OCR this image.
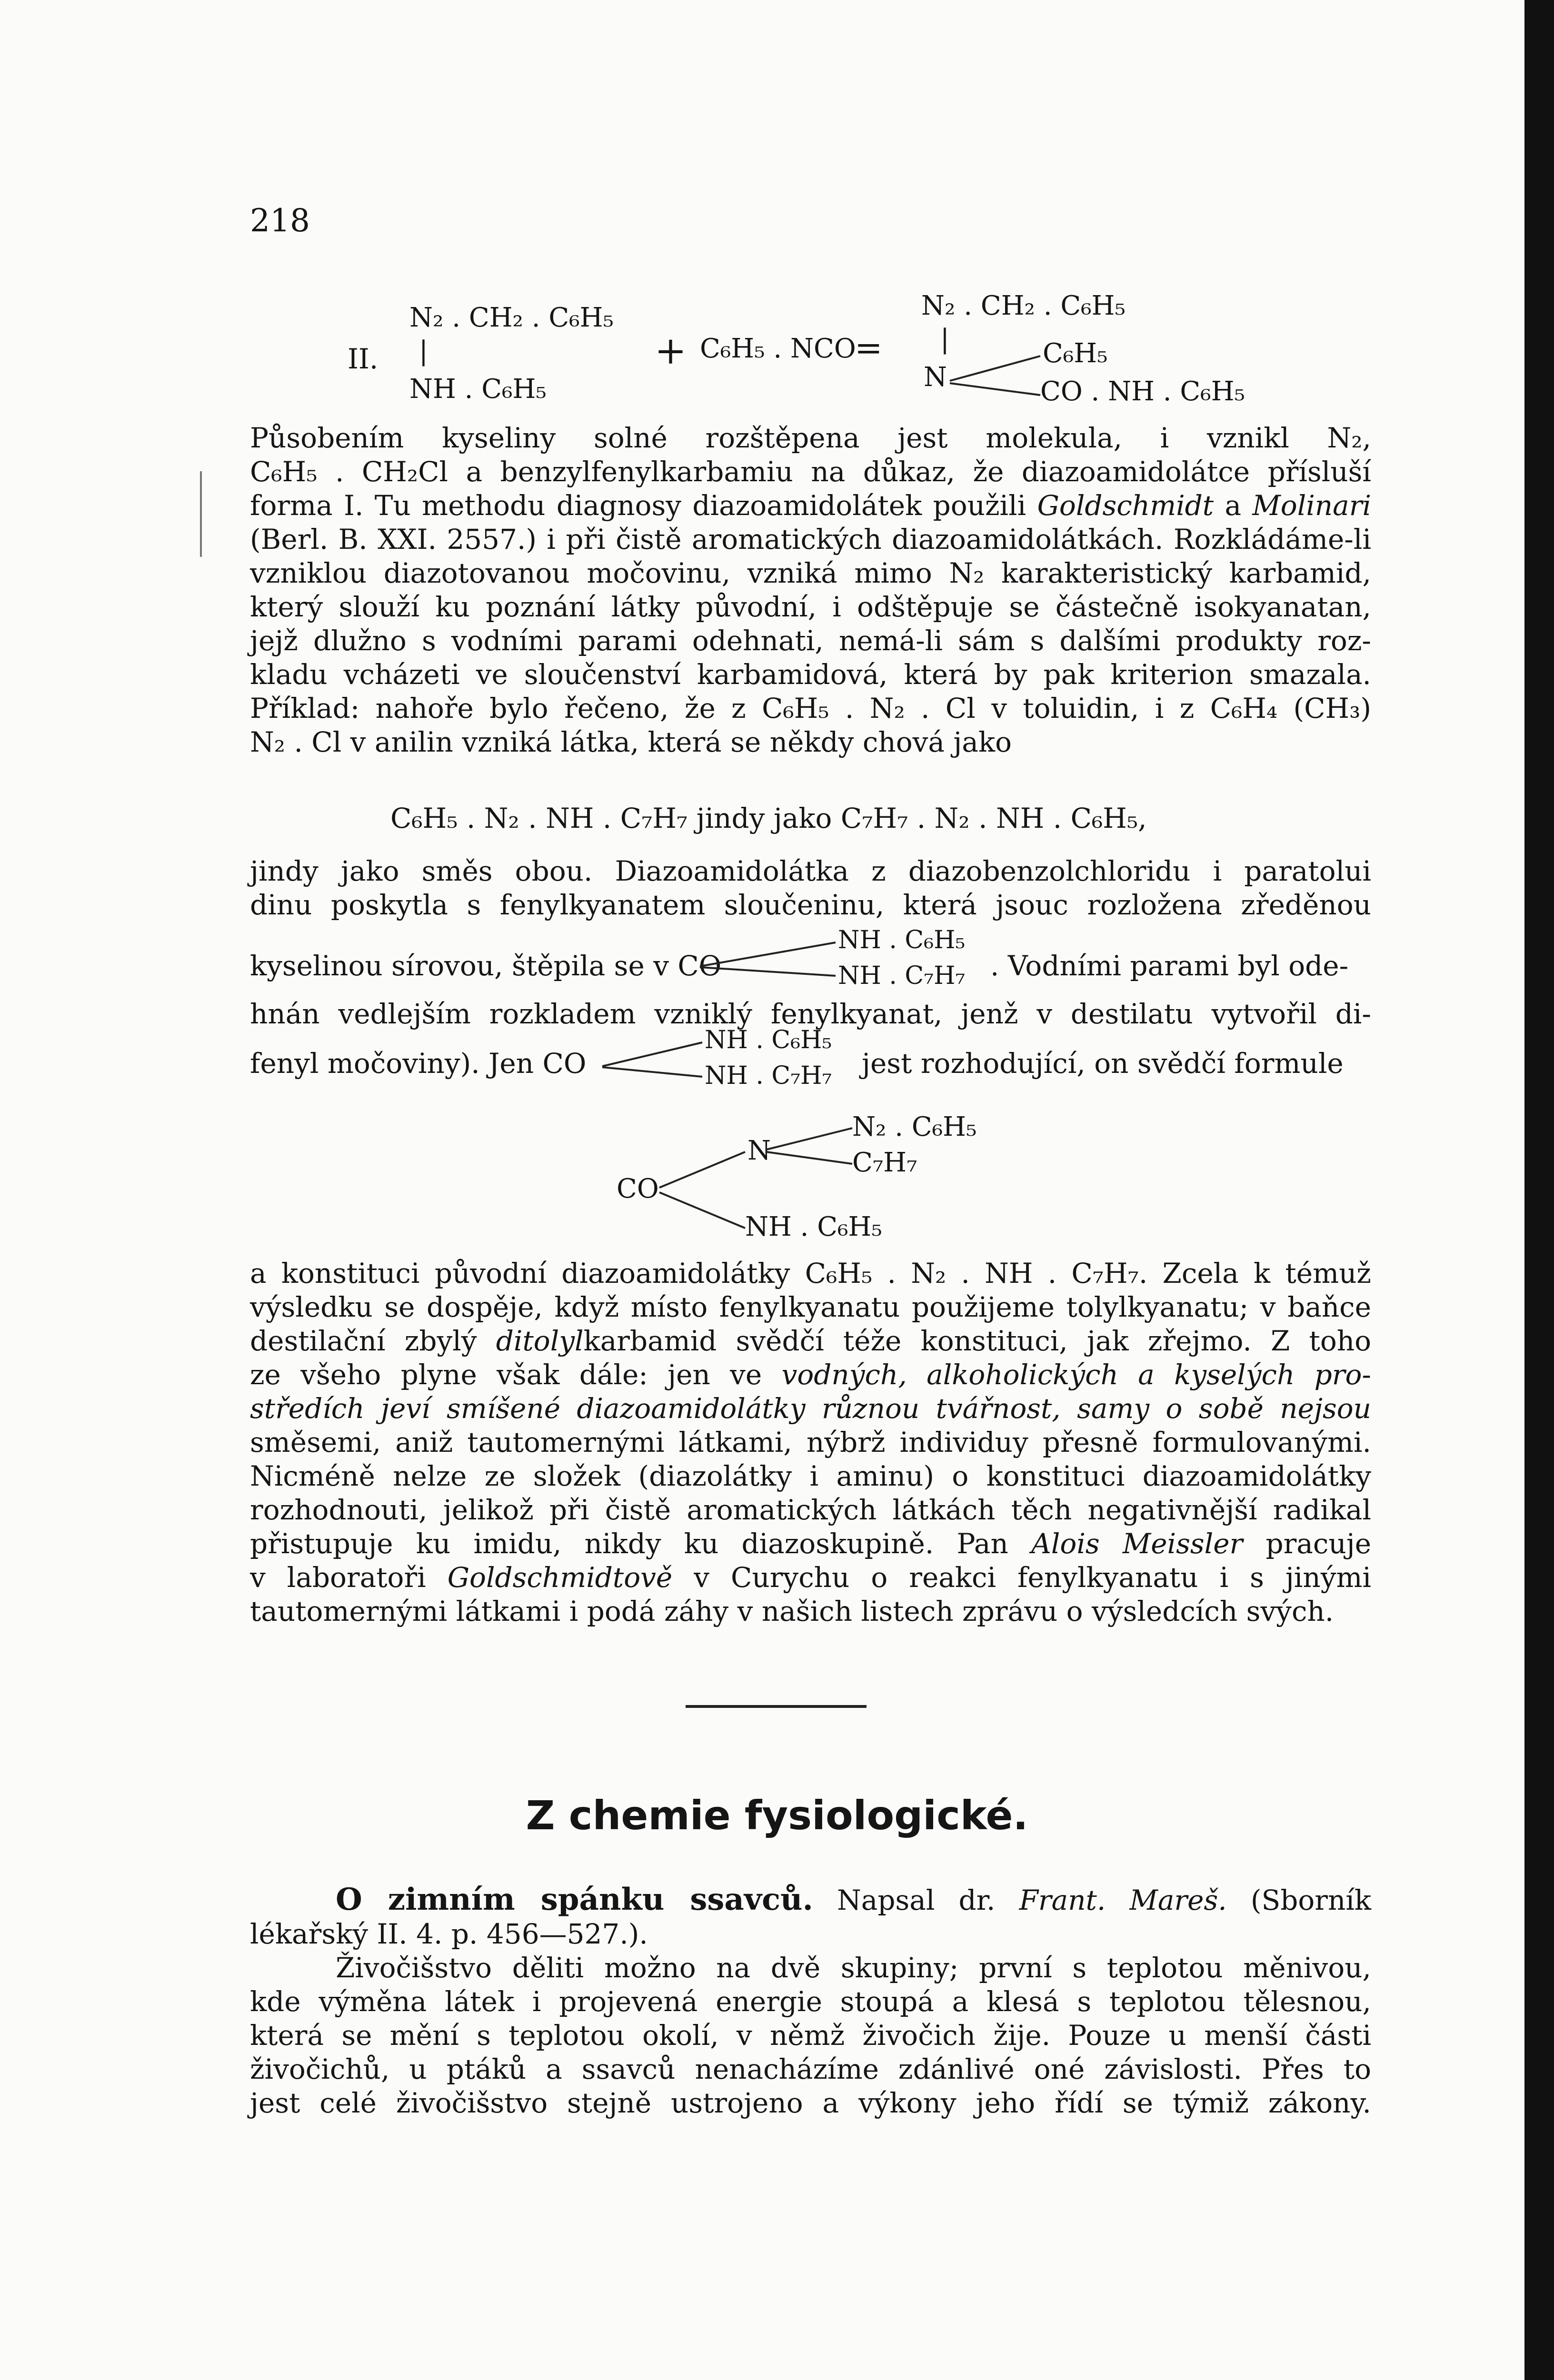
218
II.
N₂ . CH₂ . C₆H₅
|
NH . C₆H₅
+ C₆H₅ . NCO
=
N₂ . CH₂ . C₆H₅
|
N
C₆H₅
CO . NH . C₆H₅
Působením kyseliny solné rozštěpena jest molekula, i vznikl N₂,
C₆H₅ . CH₂Cl a benzylfenylkarbamiu na důkaz, že diazoamidolátce přísluší
forma I. Tu methodu diagnosy diazoamidolátek použili Goldschmidt a Molinari
(Berl. B. XXI. 2557.) i při čistě aromatických diazoamidolátkách. Rozkládáme-li
vzniklou diazotovanou močovinu, vzniká mimo N₂ karakteristický karbamid,
který slouží ku poznání látky původní, i odštěpuje se částečně isokyanatan,
jejž dlužno s vodními parami odehnati, nemá-li sám s dalšími produkty roz-
kladu vcházeti ve sloučenství karbamidová, která by pak kriterion smazala.
Příklad: nahoře bylo řečeno, že z C₆H₅ . N₂ . Cl v toluidin, i z C₆H₄ (CH₃)
N₂ . Cl v anilin vzniká látka, která se někdy chová jako
C₆H₅ . N₂ . NH . C₇H₇ jindy jako C₇H₇ . N₂ . NH . C₆H₅,
jindy jako směs obou. Diazoamidolátka z diazobenzolchloridu i paratolui
dinu poskytla s fenylkyanatem sloučeninu, která jsouc rozložena zředěnou
kyselinou sírovou, štěpila se v CO
NH . C₆H₅
NH . C₇H₇ . Vodními parami byl ode-
hnán vedlejším rozkladem vzniklý fenylkyanat, jenž v destilatu vytvořil di-
fenyl močoviny). Jen CO
NH . C₆H₅
NH . C₇H₇ jest rozhodující, on svědčí formule
CO
N
N₂ . C₆H₅
C₇H₇
NH . C₆H₅
a konstituci původní diazoamidolátky C₆H₅ . N₂ . NH . C₇H₇. Zcela k témuž
výsledku se dospěje, když místo fenylkyanatu použijeme tolylkyanatu; v baňce
destilační zbylý ditolylkarbamid svědčí téže konstituci, jak zřejmo. Z toho
ze všeho plyne však dále: jen ve vodných, alkoholických a kyselých pro-
středích jeví smíšené diazoamidolátky různou tvářnost, samy o sobě nejsou
směsemi, aniž tautomernými látkami, nýbrž individuy přesně formulovanými.
Nicméně nelze ze složek (diazolátky i aminu) o konstituci diazoamidolátky
rozhodnouti, jelikož při čistě aromatických látkách těch negativnější radikal
přistupuje ku imidu, nikdy ku diazoskupině. Pan Alois Meissler pracuje
v laboratoři Goldschmidtově v Curychu o reakci fenylkyanatu i s jinými
tautomernými látkami i podá záhy v našich listech zprávu o výsledcích svých.
Z chemie fysiologické.
O zimním spánku ssavců. Napsal dr. Frant. Mareš. (Sborník
lékařský II. 4. p. 456—527.).
Živočišstvo děliti možno na dvě skupiny; první s teplotou měnivou,
kde výměna látek i projevená energie stoupá a klesá s teplotou tělesnou,
která se mění s teplotou okolí, v němž živočich žije. Pouze u menší části
živočichů, u ptáků a ssavců nenacházíme zdánlivé oné závislosti. Přes to
jest celé živočišstvo stejně ustrojeno a výkony jeho řídí se týmiž zákony.
